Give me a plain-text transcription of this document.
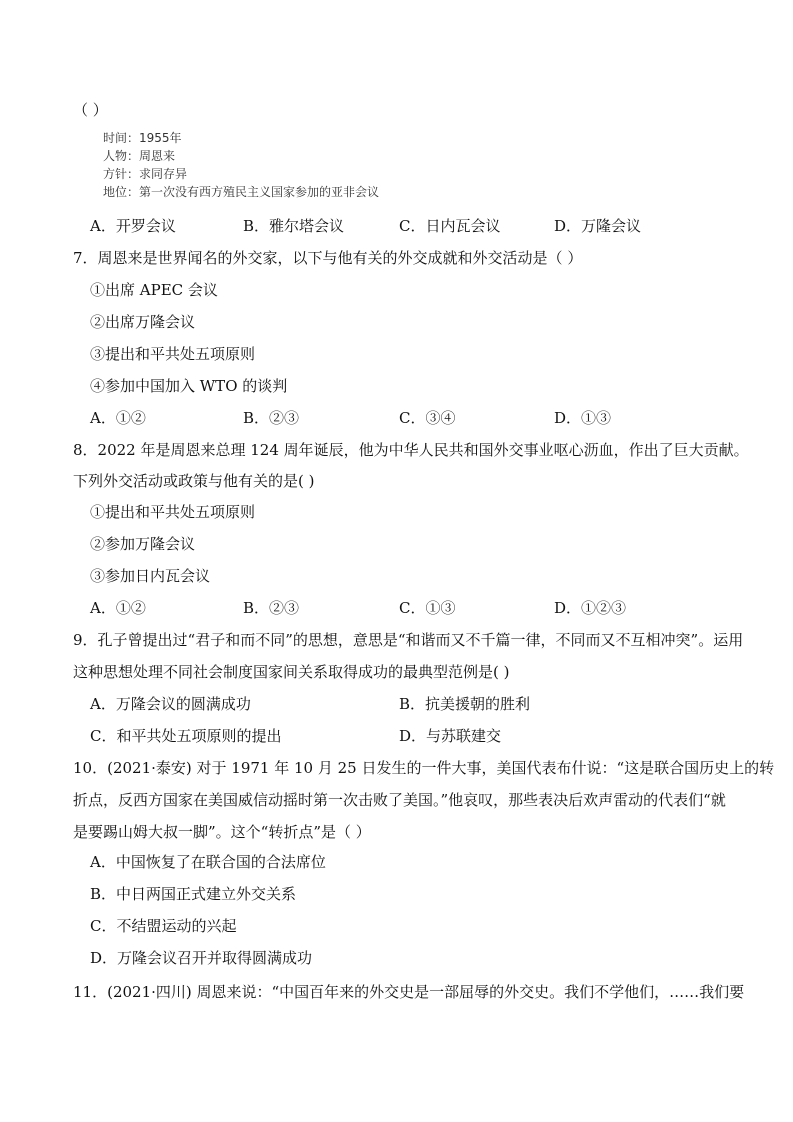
（ ）
时间：1955年
人物：周恩来
方针：求同存异
地位：第一次没有西方殖民主义国家参加的亚非会议
A．开罗会议	B．雅尔塔会议	C．日内瓦会议	D．万隆会议
7．周恩来是世界闻名的外交家，以下与他有关的外交成就和外交活动是（ ）
①出席 APEC 会议
②出席万隆会议
③提出和平共处五项原则
④参加中国加入 WTO 的谈判
A．①②	B．②③	C．③④	D．①③
8．2022 年是周恩来总理 124 周年诞辰，他为中华人民共和国外交事业呕心沥血，作出了巨大贡献。
下列外交活动或政策与他有关的是( )
①提出和平共处五项原则
②参加万隆会议
③参加日内瓦会议
A．①②	B．②③	C．①③	D．①②③
9．孔子曾提出过“君子和而不同”的思想，意思是“和谐而又不千篇一律，不同而又不互相冲突”。运用
这种思想处理不同社会制度国家间关系取得成功的最典型范例是( )
A．万隆会议的圆满成功	B．抗美援朝的胜利
C．和平共处五项原则的提出	D．与苏联建交
10．(2021·泰安) 对于 1971 年 10 月 25 日发生的一件大事，美国代表布什说：“这是联合国历史上的转
折点，反西方国家在美国威信动摇时第一次击败了美国。”他哀叹，那些表决后欢声雷动的代表们“就
是要踢山姆大叔一脚”。这个“转折点”是（ ）
A．中国恢复了在联合国的合法席位
B．中日两国正式建立外交关系
C．不结盟运动的兴起
D．万隆会议召开并取得圆满成功
11．(2021·四川) 周恩来说：“中国百年来的外交史是一部屈辱的外交史。我们不学他们，……我们要
